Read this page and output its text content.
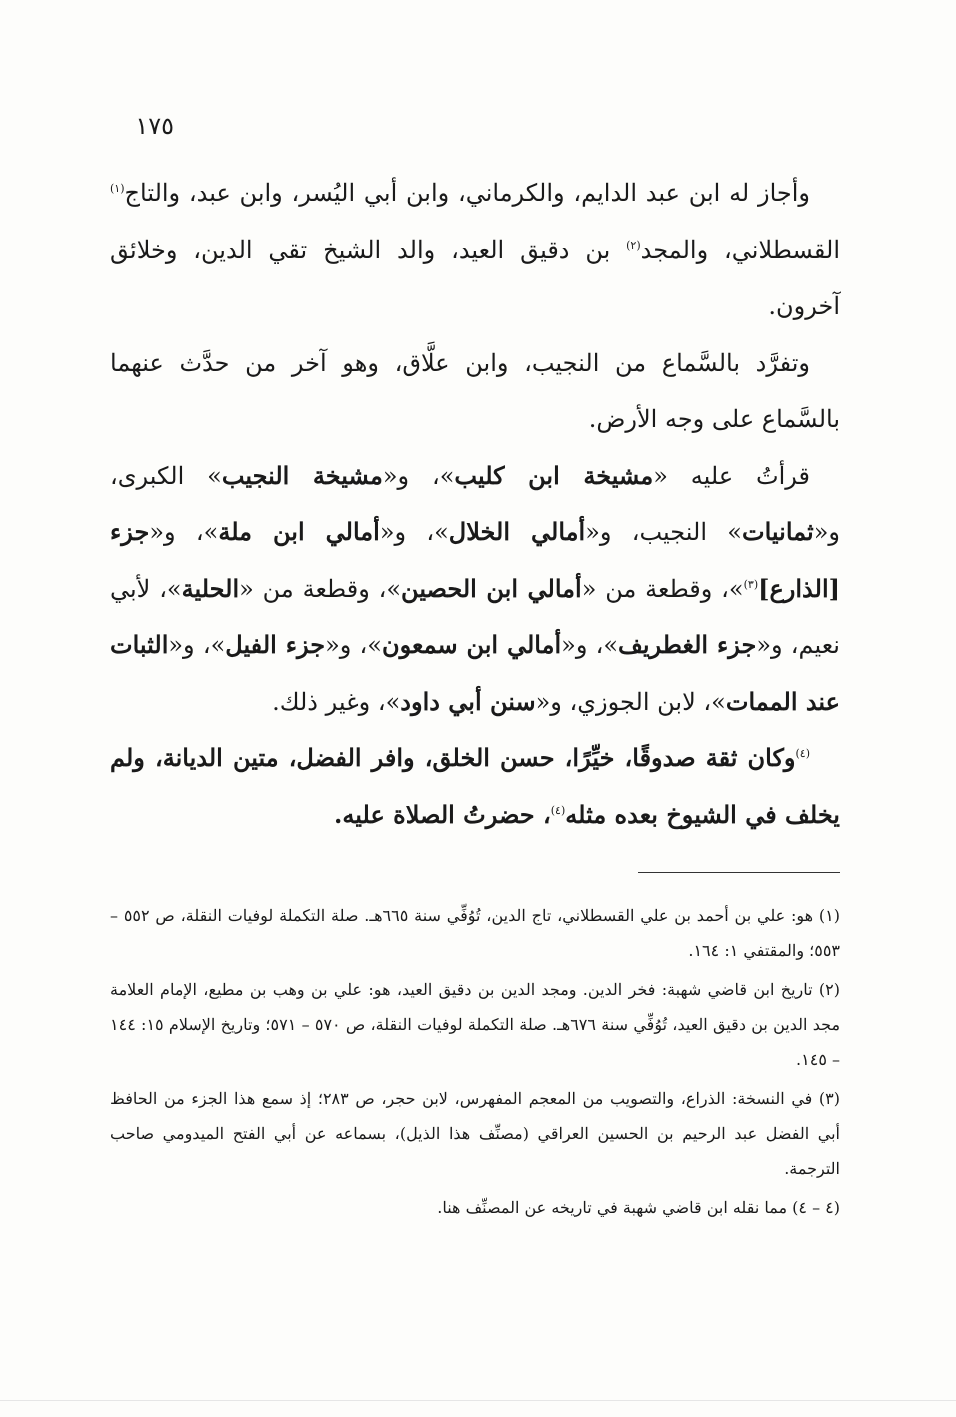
١٧٥

وأجاز له ابن عبد الدايم، والكرماني، وابن أبي اليُسر، وابن عبد، والتاج$^{(١)}$ القسطلاني، والمجد$^{(٢)}$ بن دقيق العيد، والد الشيخ تقي الدين، وخلائق آخرون.

وتفرَّد بالسَّماع من النجيب، وابن علَّاق، وهو آخر من حدَّث عنهما بالسَّماع على وجه الأرض.

قرأتُ عليه «مشيخة ابن كليب»، و«مشيخة النجيب» الكبرى، و«ثمانيات» النجيب، و«أمالي الخلال»، و«أمالي ابن ملة»، و«جزء [الذارع]$^{(٣)}$»، وقطعة من «أمالي ابن الحصين»، وقطعة من «الحلية»، لأبي نعيم، و«جزء الغطريف»، و«أمالي ابن سمعون»، و«جزء الفيل»، و«الثبات عند الممات»، لابن الجوزي، و«سنن أبي داود»، وغير ذلك.

$^{(٤)}$وكان ثقة صدوقًا، خيِّرًا، حسن الخلق، وافر الفضل، متين الديانة، ولم يخلف في الشيوخ بعده مثله$^{(٤)}$، حضرتُ الصلاة عليه.

(١) هو: علي بن أحمد بن علي القسطلاني، تاج الدين، تُوُفِّي سنة ٦٦٥هـ. صلة التكملة لوفيات النقلة، ص ٥٥٢ – ٥٥٣؛ والمقتفي ١: ١٦٤.

(٢) تاريخ ابن قاضي شهبة: فخر الدين. ومجد الدين بن دقيق العيد، هو: علي بن وهب بن مطيع، الإمام العلامة مجد الدين بن دقيق العيد، تُوُفِّي سنة ٦٧٦هـ. صلة التكملة لوفيات النقلة، ص ٥٧٠ – ٥٧١؛ وتاريخ الإسلام ١٥: ١٤٤ – ١٤٥.

(٣) في النسخة: الذراع، والتصويب من المعجم المفهرس، لابن حجر، ص ٢٨٣؛ إذ سمع هذا الجزء من الحافظ أبي الفضل عبد الرحيم بن الحسين العراقي (مصنِّف هذا الذيل)، بسماعه عن أبي الفتح الميدومي صاحب الترجمة.

(٤ – ٤) مما نقله ابن قاضي شهبة في تاريخه عن المصنِّف هنا.
